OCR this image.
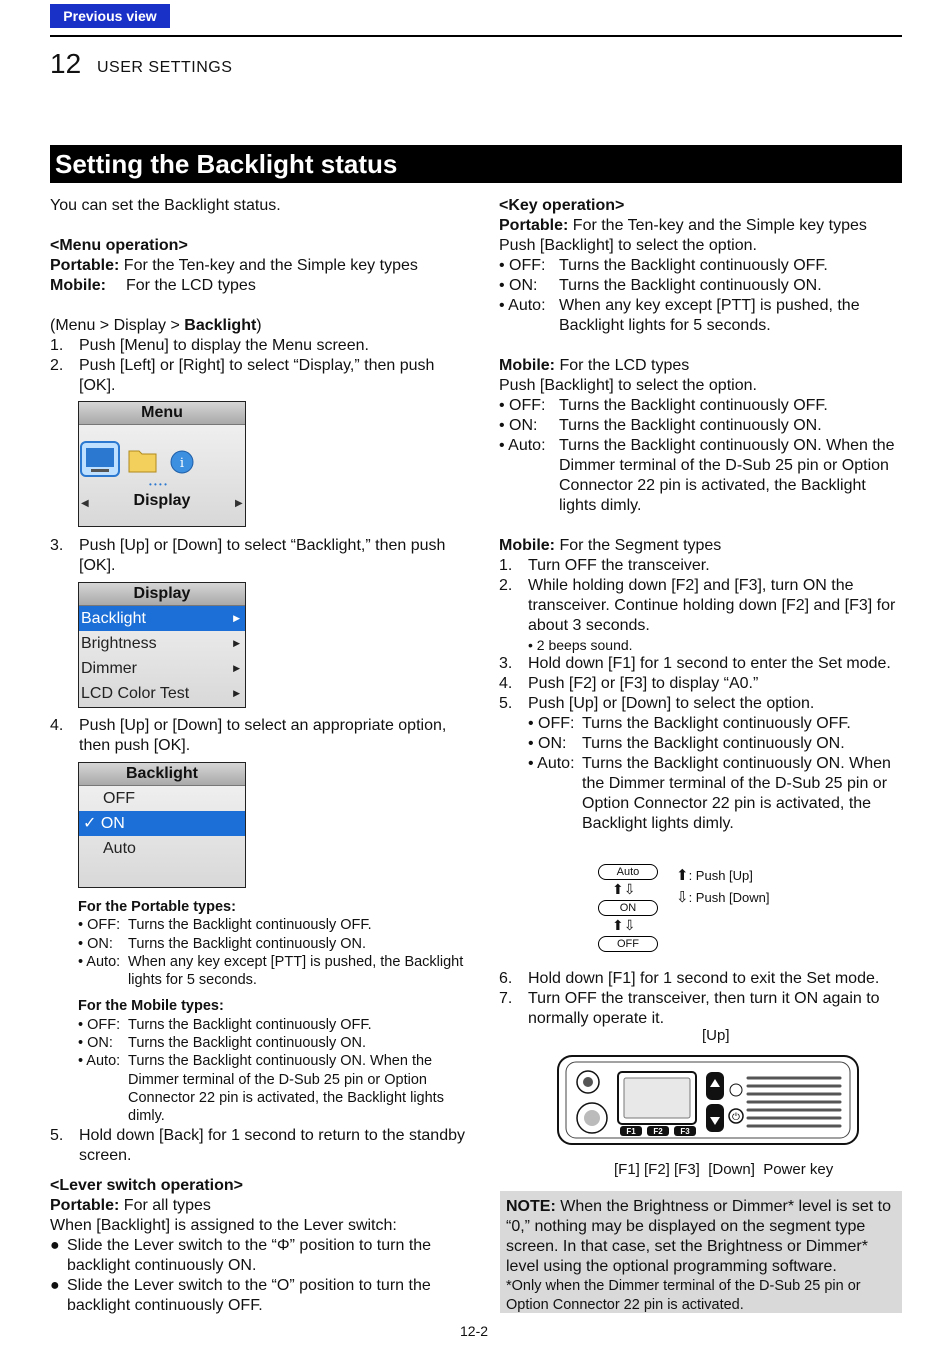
Previous view
12 USER SETTINGS
Setting the Backlight status

You can set the Backlight status.

<Menu operation>

Portable: For the Ten-key and the Simple key types

Mobile: For the LCD types

(Menu > Display > Backlight)

1. Push [Menu] to display the Menu screen.

2. Push [Left] or [Right] to select “Display,” then push [OK].

Menu
i
• • • •
◀	▶
Display

3. Push [Up] or [Down] to select “Backlight,” then push [OK].

Display
Backlight	▶
Brightness	▶
Dimmer	▶
LCD Color Test	▶

4. Push [Up] or [Down] to select an appropriate option, then push [OK].

Backlight
OFF
✓ ON
Auto

For the Portable types:

• OFF: Turns the Backlight continuously OFF.
• ON: Turns the Backlight continuously ON.
• Auto: When any key except [PTT] is pushed, the Backlight lights for 5 seconds.

For the Mobile types:

• OFF: Turns the Backlight continuously OFF.
• ON: Turns the Backlight continuously ON.
• Auto: Turns the Backlight continuously ON. When the Dimmer terminal of the D-Sub 25 pin or Option Connector 22 pin is activated, the Backlight lights dimly.

5. Hold down [Back] for 1 second to return to the standby screen.

<Lever switch operation>

Portable: For all types

When [Backlight] is assigned to the Lever switch:

● Slide the Lever switch to the “Φ” position to turn the backlight continuously ON.
● Slide the Lever switch to the “O” position to turn the backlight continuously OFF.

<Key operation>

Portable: For the Ten-key and the Simple key types

Push [Backlight] to select the option.

• OFF: Turns the Backlight continuously OFF.
• ON: Turns the Backlight continuously ON.
• Auto: When any key except [PTT] is pushed, the Backlight lights for 5 seconds.

Mobile: For the LCD types

Push [Backlight] to select the option.

• OFF: Turns the Backlight continuously OFF.
• ON: Turns the Backlight continuously ON.
• Auto: Turns the Backlight continuously ON. When the Dimmer terminal of the D-Sub 25 pin or Option Connector 22 pin is activated, the Backlight lights dimly.

Mobile: For the Segment types

1. Turn OFF the transceiver.

2. While holding down [F2] and [F3], turn ON the transceiver. Continue holding down [F2] and [F3] for about 3 seconds.

• 2 beeps sound.

3. Hold down [F1] for 1 second to enter the Set mode.

4. Push [F2] or [F3] to display “A0.”

5. Push [Up] or [Down] to select the option.

• OFF: Turns the Backlight continuously OFF.
• ON: Turns the Backlight continuously ON.
• Auto: Turns the Backlight continuously ON. When the Dimmer terminal of the D-Sub 25 pin or Option Connector 22 pin is activated, the Backlight lights dimly.
Auto
⬆⇩
ON
⬆⇩
OFF
⬆: Push [Up]
⇩: Push [Down]

6. Hold down [F1] for 1 second to exit the Set mode.

7. Turn OFF the transceiver, then turn it ON again to normally operate it.

[Up]
F1 F2 F3
⏻
[F1] [F2] [F3]  [Down]  Power key

NOTE: When the Brightness or Dimmer* level is set to “0,” nothing may be displayed on the segment type screen. In that case, set the Brightness or Dimmer* level using the optional programming software.

*Only when the Dimmer terminal of the D-Sub 25 pin or Option Connector 22 pin is activated.

12-2
